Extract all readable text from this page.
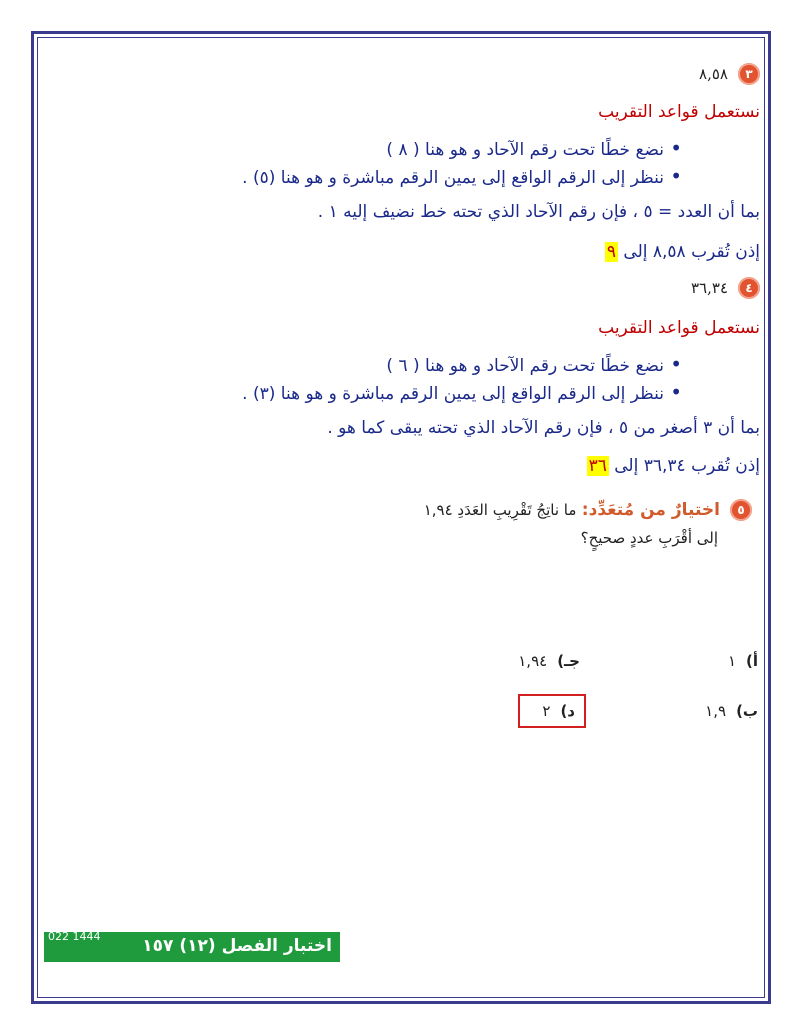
٣٨,٥٨
نستعمل قواعد التقريب
• نضع خطًا تحت رقم الآحاد و هو هنا ( ٨ )
• ننظر إلى الرقم الواقع إلى يمين الرقم مباشرة و هو هنا (٥) .
بما أن العدد = ٥ ، فإن رقم الآحاد الذي تحته خط نضيف إليه ١ .
إذن تُقرب ٨,٥٨ إلى ٩
٤٣٦,٣٤
نستعمل قواعد التقريب
• نضع خطًا تحت رقم الآحاد و هو هنا ( ٦ )
• ننظر إلى الرقم الواقع إلى يمين الرقم مباشرة و هو هنا (٣) .
بما أن ٣ أصغر من ٥ ، فإن رقم الآحاد الذي تحته يبقى كما هو .
إذن تُقرب ٣٦,٣٤ إلى ٣٦
٥اختيارٌ من مُتعَدِّد: ما ناتِجُ تَقْرِيبِ العَدَدِ ١,٩٤
إلى أقْرَبِ عددٍ صحيحٍ؟
أ)١
جـ)١,٩٤
ب)١,٩
د)٢
اختبار الفصل (١٢) ١٥٧
022 1444
